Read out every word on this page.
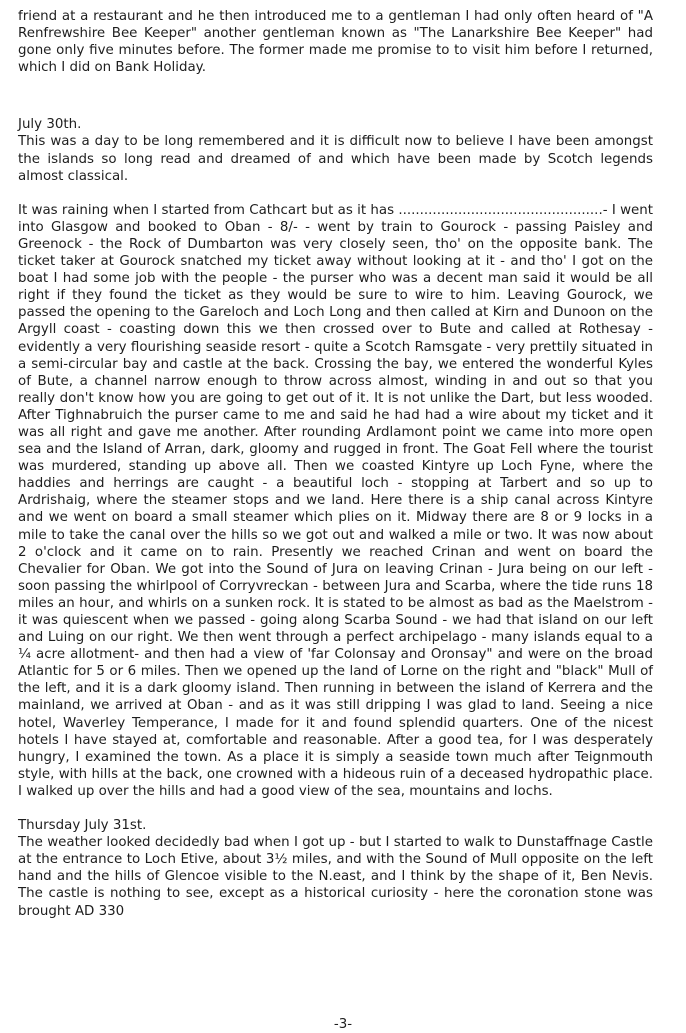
friend at a restaurant and he then introduced me to a gentleman I had only often heard of "A Renfrewshire Bee Keeper" another gentleman known as "The Lanarkshire Bee Keeper" had gone only five minutes before. The former made me promise to to visit him before I returned, which I did on Bank Holiday.

July 30th.

This was a day to be long remembered and it is difficult now to believe I have been amongst the islands so long read and dreamed of and which have been made by Scotch legends almost classical.

It was raining when I started from Cathcart but as it has ................................................- I went into Glasgow and booked to Oban - 8/- - went by train to Gourock - passing Paisley and Greenock - the Rock of Dumbarton was very closely seen, tho' on the opposite bank. The ticket taker at Gourock snatched my ticket away without looking at it - and tho' I got on the boat I had some job with the people - the purser who was a decent man said it would be all right if they found the ticket as they would be sure to wire to him. Leaving Gourock, we passed the opening to the Gareloch and Loch Long and then called at Kirn and Dunoon on the Argyll coast - coasting down this we then crossed over to Bute and called at Rothesay - evidently a very flourishing seaside resort - quite a Scotch Ramsgate - very prettily situated in a semi-circular bay and castle at the back. Crossing the bay, we entered the wonderful Kyles of Bute, a channel narrow enough to throw across almost, winding in and out so that you really don't know how you are going to get out of it. It is not unlike the Dart, but less wooded. After Tighnabruich the purser came to me and said he had had a wire about my ticket and it was all right and gave me another. After rounding Ardlamont point we came into more open sea and the Island of Arran, dark, gloomy and rugged in front. The Goat Fell where the tourist was murdered, standing up above all. Then we coasted Kintyre up Loch Fyne, where the haddies and herrings are caught - a beautiful loch - stopping at Tarbert and so up to Ardrishaig, where the steamer stops and we land. Here there is a ship canal across Kintyre and we went on board a small steamer which plies on it. Midway there are 8 or 9 locks in a mile to take the canal over the hills so we got out and walked a mile or two. It was now about 2 o'clock and it came on to rain. Presently we reached Crinan and went on board the Chevalier for Oban. We got into the Sound of Jura on leaving Crinan - Jura being on our left - soon passing the whirlpool of Corryvreckan - between Jura and Scarba, where the tide runs 18 miles an hour, and whirls on a sunken rock. It is stated to be almost as bad as the Maelstrom - it was quiescent when we passed - going along Scarba Sound - we had that island on our left and Luing on our right. We then went through a perfect archipelago - many islands equal to a ¼ acre allotment- and then had a view of 'far Colonsay and Oronsay" and were on the broad Atlantic for 5 or 6 miles. Then we opened up the land of Lorne on the right and "black" Mull of the left, and it is a dark gloomy island. Then running in between the island of Kerrera and the mainland, we arrived at Oban - and as it was still dripping I was glad to land. Seeing a nice hotel, Waverley Temperance, I made for it and found splendid quarters. One of the nicest hotels I have stayed at, comfortable and reasonable. After a good tea, for I was desperately hungry, I examined the town. As a place it is simply a seaside town much after Teignmouth style, with hills at the back, one crowned with a hideous ruin of a deceased hydropathic place. I walked up over the hills and had a good view of the sea, mountains and lochs.

Thursday July 31st.

The weather looked decidedly bad when I got up - but I started to walk to Dunstaffnage Castle at the entrance to Loch Etive, about 3½ miles, and with the Sound of Mull opposite on the left hand and the hills of Glencoe visible to the N.east, and I think by the shape of it, Ben Nevis. The castle is nothing to see, except as a historical curiosity - here the coronation stone was brought AD 330

-3-
